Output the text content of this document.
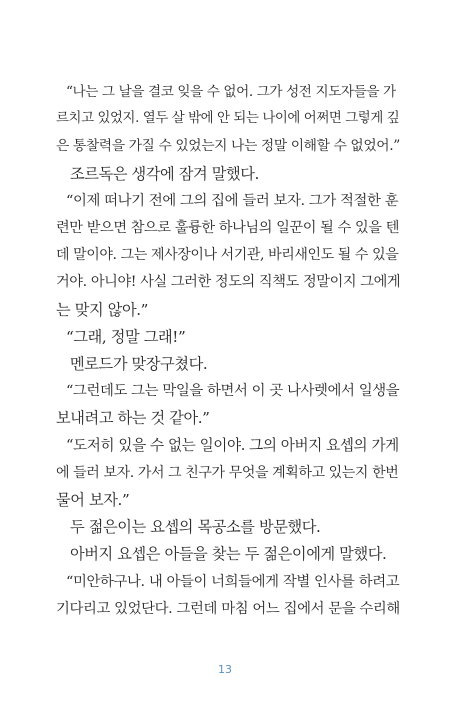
“나는 그 날을 결코 잊을 수 없어. 그가 성전 지도자들을 가
르치고 있었지. 열두 살 밖에 안 되는 나이에 어쩌면 그렇게 깊
은 통찰력을 가질 수 있었는지 나는 정말 이해할 수 없었어.”
조르독은 생각에 잠겨 말했다.
“이제 떠나기 전에 그의 집에 들러 보자. 그가 적절한 훈
련만 받으면 참으로 훌륭한 하나님의 일꾼이 될 수 있을 텐
데 말이야. 그는 제사장이나 서기관, 바리새인도 될 수 있을
거야. 아니야! 사실 그러한 정도의 직책도 정말이지 그에게
는 맞지 않아.”
“그래, 정말 그래!”
멘로드가 맞장구쳤다.
“그런데도 그는 막일을 하면서 이 곳 나사렛에서 일생을
보내려고 하는 것 같아.”
“도저히 있을 수 없는 일이야. 그의 아버지 요셉의 가게
에 들러 보자. 가서 그 친구가 무엇을 계획하고 있는지 한번
물어 보자.”
두 젊은이는 요셉의 목공소를 방문했다.
아버지 요셉은 아들을 찾는 두 젊은이에게 말했다.
“미안하구나. 내 아들이 너희들에게 작별 인사를 하려고
기다리고 있었단다. 그런데 마침 어느 집에서 문을 수리해
13
